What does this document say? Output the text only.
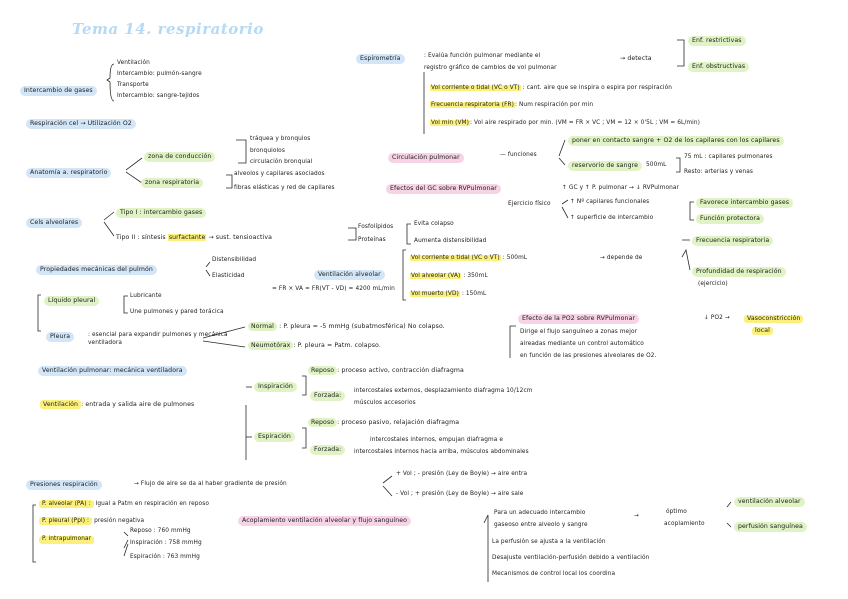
Tema 14. respiratorio
Intercambio de gases
Ventilación
Intercambio: pulmón-sangre
Transporte
Intercambio: sangre-tejidos
Respiración cel → Utilización O2
Anatomía a. respiratorio
zona de conducción
tráquea y bronquios
bronquiolos
circulación bronquial
zona respiratoria
alveolos y capilares asociados
fibras elásticas y red de capilares
Cels alveolares
Tipo I : intercambio gases
Tipo II : síntesis surfactante → sust. tensioactiva
Fosfolípidos
Proteínas
Evita colapso
Aumenta distensibilidad
Propiedades mecánicas del pulmón
Distensibilidad
Elasticidad	Ventilación alveolar
= FR × VA = FR(VT - VD) = 4200 mL/min
Líquido pleural
Lubricante
Une pulmones y pared torácica
Pleura	: esencial para expandir pulmones y mecánica ventiladora
Normal : P. pleura = -5 mmHg (subatmosférica) No colapso.
Neumotórax : P. pleura = Patm. colapso.
Ventilación pulmonar: mecánica ventiladora
Ventilación : entrada y salida aire de pulmones
Inspiración
Reposo : proceso activo, contracción diafragma
Forzada:
intercostales externos, desplazamiento diafragma 10/12cm
músculos accesorios
Espiración
Reposo : proceso pasivo, relajación diafragma
Forzada:
intercostales internos, empujan diafragma e
intercostales internos hacia arriba, músculos abdominales
Espirometría	: Evalúa función pulmonar mediante el
registro gráfico de cambios de vol pulmonar
→ detecta
Enf. restrictivas
Enf. obstructivas
Vol corriente o tidal (VC o VT) : cant. aire que se inspira o espira por respiración
Frecuencia respiratoria (FR): Num respiración por min
Vol min (VM): Vol aire respirado por min. (VM = FR × VC ; VM = 12 × 0'5L ; VM = 6L/min)
Circulación pulmonar	— funciones
poner en contacto sangre + O2 de los capilares con los capilares
reservorio de sangre	500mL
75 mL : capilares pulmonares
Resto: arterias y venas
Efectos del GC sobre RVPulmonar	↑ GC y ↑ P. pulmonar → ↓ RVPulmonar
Ejercicio físico	↑ Nº capilares funcionales
↑ superficie de intercambio
Favorece intercambio gases
Función protectora
Vol corriente o tidal (VC o VT) : 500mL
Vol alveolar (VA) : 350mL
Vol muerto (VD) : 150mL
→ depende de
Frecuencia respiratoria
Profundidad de respiración
(ejercicio)
Efecto de la PO2 sobre RVPulmonar	↓ PO2 →	Vasoconstricción
local
Dirige el flujo sanguíneo a zonas mejor
aireadas mediante un control automático
en función de las presiones alveolares de O2.
Presiones respiración	→ Flujo de aire se da al haber gradiente de presión
+ Vol ; - presión (Ley de Boyle) → aire entra
- Vol ; + presión (Ley de Boyle) → aire sale
P. alveolar (PA) : Igual a Patm en respiración en reposo
P. pleural (Ppl) : presión negativa
P. intrapulmonar
Reposo : 760 mmHg
Inspiración : 758 mmHg
Espiración : 763 mmHg
Acoplamiento ventilación alveolar y flujo sanguíneo
Para un adecuado intercambio
gaseoso entre alveolo y sangre
→
óptimo
acoplamiento
ventilación alveolar
perfusión sanguínea
La perfusión se ajusta a la ventilación
Desajuste ventilación-perfusión debido a ventilación
Mecanismos de control local los coordina
